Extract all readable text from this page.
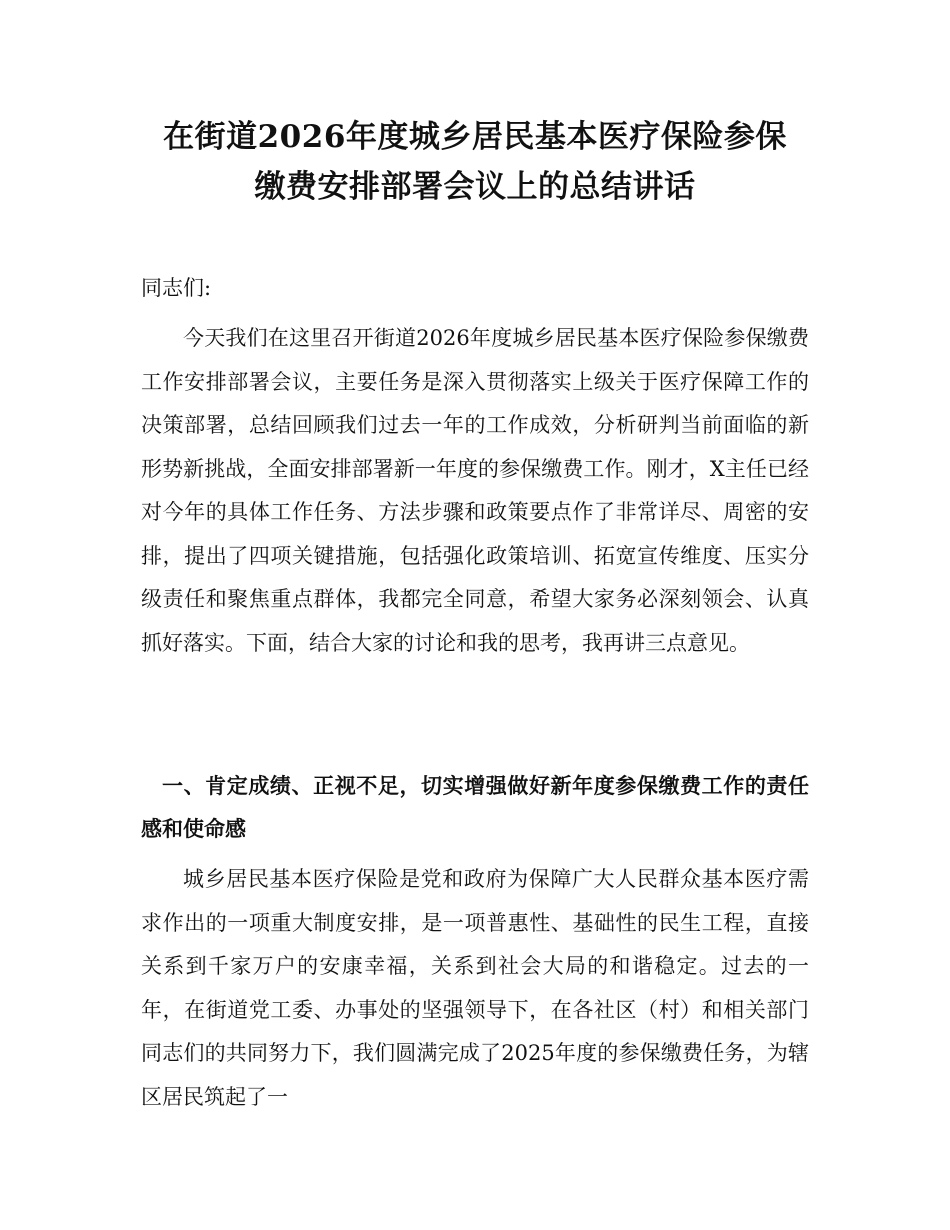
在街道2026年度城乡居民基本医疗保险参保
缴费安排部署会议上的总结讲话
同志们:
今天我们在这里召开街道2026年度城乡居民基本医疗保险参保缴费工作安排部署会议，主要任务是深入贯彻落实上级关于医疗保障工作的决策部署，总结回顾我们过去一年的工作成效，分析研判当前面临的新形势新挑战，全面安排部署新一年度的参保缴费工作。刚才，X主任已经对今年的具体工作任务、方法步骤和政策要点作了非常详尽、周密的安排，提出了四项关键措施，包括强化政策培训、拓宽宣传维度、压实分级责任和聚焦重点群体，我都完全同意，希望大家务必深刻领会、认真抓好落实。下面，结合大家的讨论和我的思考，我再讲三点意见。
一、肯定成绩、正视不足，切实增强做好新年度参保缴费工作的责任感和使命感
城乡居民基本医疗保险是党和政府为保障广大人民群众基本医疗需求作出的一项重大制度安排，是一项普惠性、基础性的民生工程，直接关系到千家万户的安康幸福，关系到社会大局的和谐稳定。过去的一年，在街道党工委、办事处的坚强领导下，在各社区（村）和相关部门同志们的共同努力下，我们圆满完成了2025年度的参保缴费任务，为辖区居民筑起了一
